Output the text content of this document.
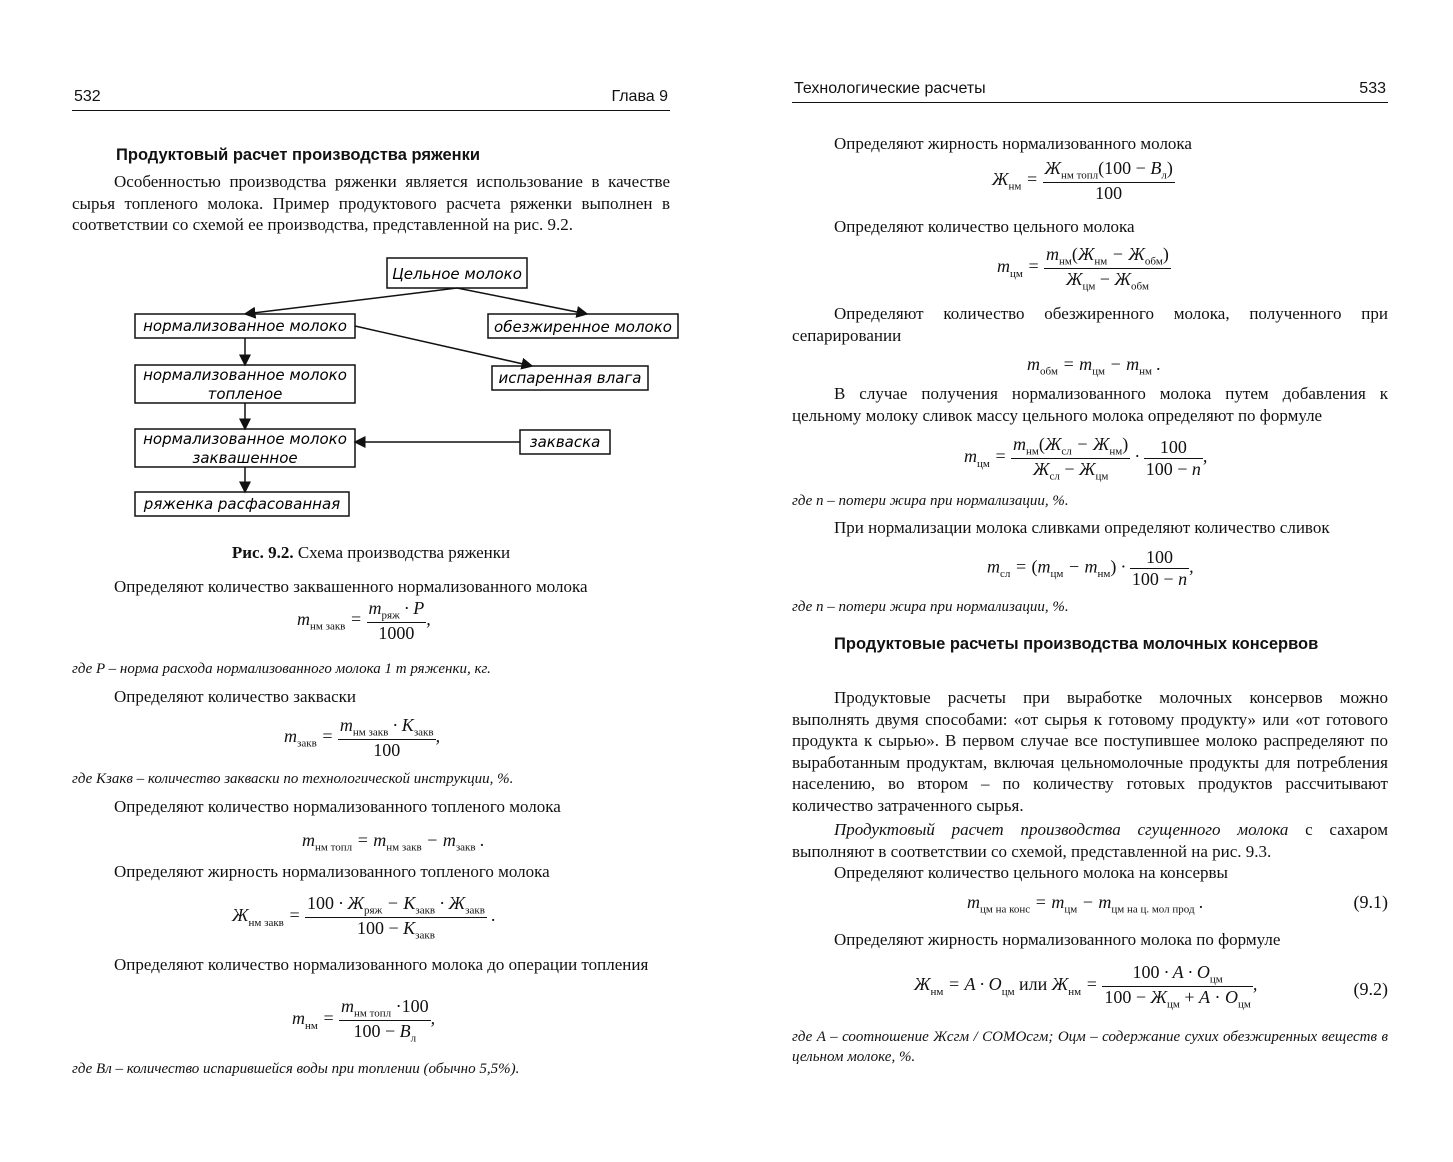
532	Глава 9
Продуктовый расчет производства ряженки

Особенностью производства ряженки является использование в качестве сырья топленого молока. Пример продуктового расчета ряженки выполнен в соответствии со схемой ее производства, представленной на рис. 9.2.

Цельное молоко
нормализованное молоко	обезжиренное молоко
нормализованное молоко
топленое
испаренная влага
нормализованное молоко
заквашенное
закваска
ряженка расфасованная
Рис. 9.2. Схема производства ряженки

Определяют количество заквашенного нормализованного молока

$m_{нм закв} = \frac{m_{ряж} \cdot P}{1000}$ ,

где P – норма расхода нормализованного молока 1 т ряженки, кг.

Определяют количество закваски

$m_{закв} = \frac{m_{нм закв} \cdot K_{закв}}{100}$ ,

где Kзакв – количество закваски по технологической инструкции, %.

Определяют количество нормализованного топленого молока

$m_{нм топл} = m_{нм закв} - m_{закв}$ .

Определяют жирность нормализованного топленого молока

$Ж_{нм закв} = \frac{100 \cdot Ж_{ряж} - K_{закв} \cdot Ж_{закв}}{100 - K_{закв}}$ .

Определяют количество нормализованного молока до операции топления

$m_{нм} = \frac{m_{нм топл} \cdot 100}{100 - B_л}$ ,

где Bл – количество испарившейся воды при топлении (обычно 5,5%).

Технологические расчеты	533

Определяют жирность нормализованного молока

$Ж_{нм} = \frac{Ж_{нм топл}(100 - B_л)}{100}$

Определяют количество цельного молока

$m_{цм} = \frac{m_{нм}(Ж_{нм} - Ж_{обм})}{Ж_{цм} - Ж_{обм}}$

Определяют количество обезжиренного молока, полученного при сепарировании

$m_{обм} = m_{цм} - m_{нм}$ .

В случае получения нормализованного молока путем добавления к цельному молоку сливок массу цельного молока определяют по формуле

$m_{цм} = \frac{m_{нм}(Ж_{сл} - Ж_{нм})}{Ж_{сл} - Ж_{цм}} \cdot \frac{100}{100 - n}$ ,

где n – потери жира при нормализации, %.

При нормализации молока сливками определяют количество сливок

$m_{сл} = (m_{цм} - m_{нм}) \cdot \frac{100}{100 - n}$ ,

где n – потери жира при нормализации, %.

Продуктовые расчеты производства молочных консервов

Продуктовые расчеты при выработке молочных консервов можно выполнять двумя способами: «от сырья к готовому продукту» или «от готового продукта к сырью». В первом случае все поступившее молоко распределяют по выработанным продуктам, включая цельномолочные продукты для потребления населению, во втором – по количеству готовых продуктов рассчитывают количество затраченного сырья.

Продуктовый расчет производства сгущенного молока с сахаром выполняют в соответствии со схемой, представленной на рис. 9.3.

Определяют количество цельного молока на консервы

$m_{цм на конс} = m_{цм} - m_{цм на ц. мол прод}$ .	(9.1)

Определяют жирность нормализованного молока по формуле

$Ж_{нм} = A \cdot O_{цм}$ или $Ж_{нм} = \frac{100 \cdot A \cdot O_{цм}}{100 - Ж_{цм} + A \cdot O_{цм}}$ ,	(9.2)

где A – соотношение Жсгм / СОМОсгм; Оцм – содержание сухих обезжиренных веществ в цельном молоке, %.
